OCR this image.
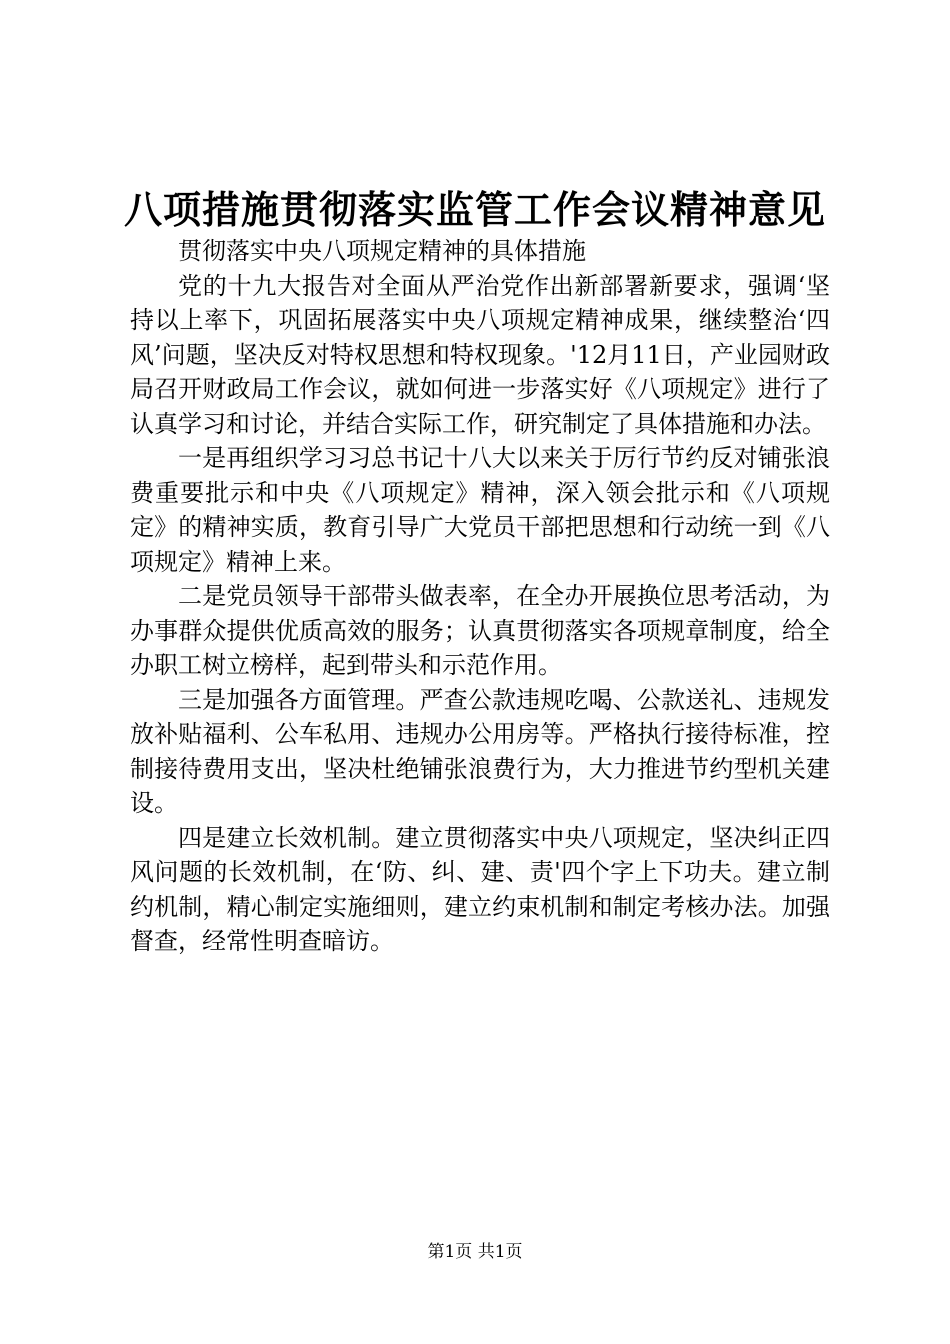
八项措施贯彻落实监管工作会议精神意见

贯彻落实中央八项规定精神的具体措施

党的十九大报告对全面从严治党作出新部署新要求，强调‘坚持以上率下，巩固拓展落实中央八项规定精神成果，继续整治‘四风’问题，坚决反对特权思想和特权现象。'12月11日，产业园财政局召开财政局工作会议，就如何进一步落实好《八项规定》进行了认真学习和讨论，并结合实际工作，研究制定了具体措施和办法。

一是再组织学习习总书记十八大以来关于厉行节约反对铺张浪费重要批示和中央《八项规定》精神，深入领会批示和《八项规定》的精神实质，教育引导广大党员干部把思想和行动统一到《八项规定》精神上来。

二是党员领导干部带头做表率，在全办开展换位思考活动，为办事群众提供优质高效的服务；认真贯彻落实各项规章制度，给全办职工树立榜样，起到带头和示范作用。

三是加强各方面管理。严查公款违规吃喝、公款送礼、违规发放补贴福利、公车私用、违规办公用房等。严格执行接待标准，控制接待费用支出，坚决杜绝铺张浪费行为，大力推进节约型机关建设。

四是建立长效机制。建立贯彻落实中央八项规定，坚决纠正四风问题的长效机制，在‘防、纠、建、责'四个字上下功夫。建立制约机制，精心制定实施细则，建立约束机制和制定考核办法。加强督查，经常性明查暗访。

第1页 共1页
